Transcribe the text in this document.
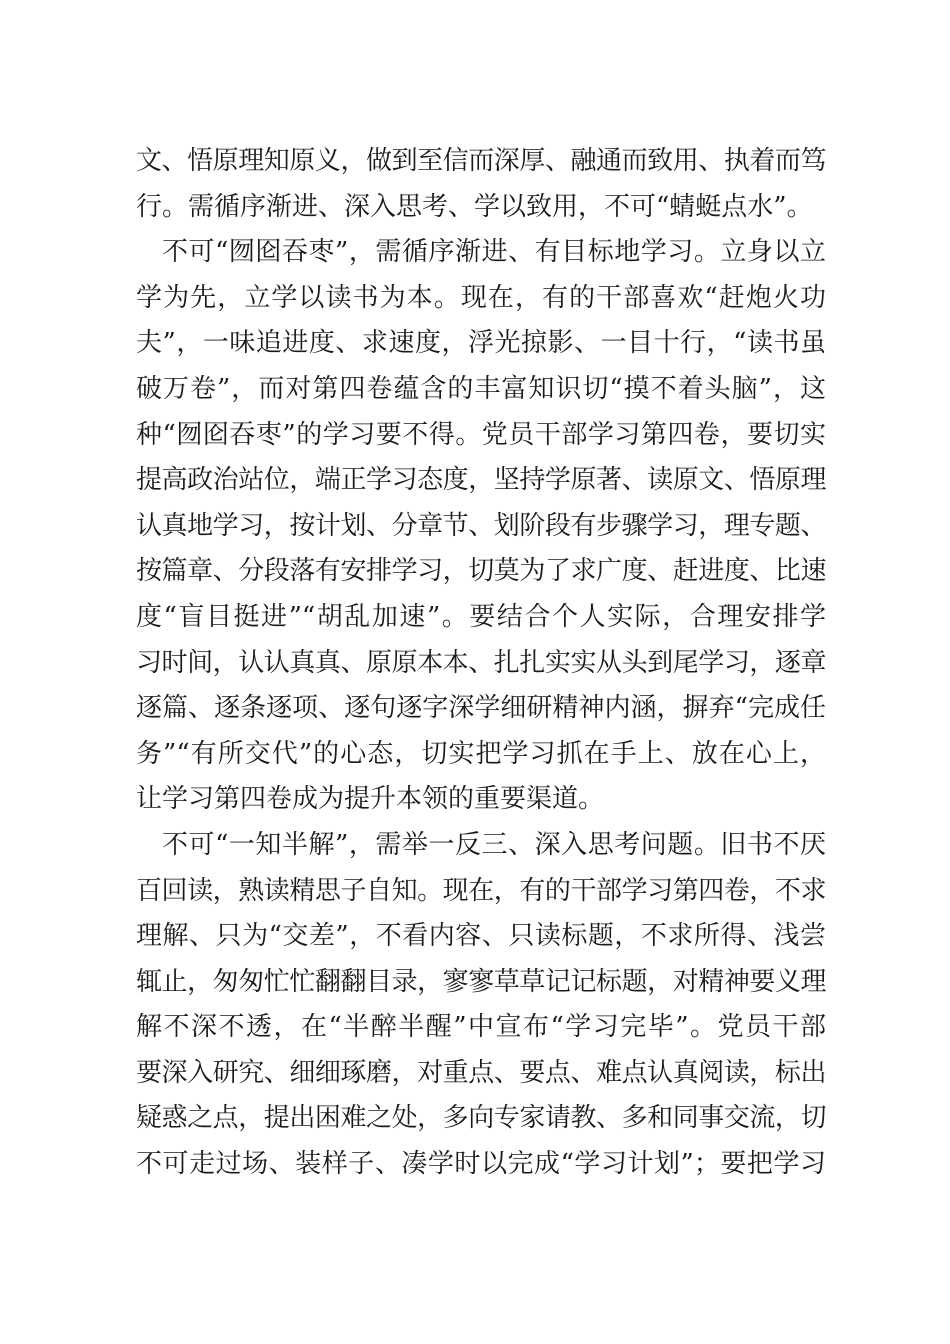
文、悟原理知原义，做到至信而深厚、融通而致用、执着而笃
行。需循序渐进、深入思考、学以致用，不可“蜻蜓点水”。
不可“囫囵吞枣”，需循序渐进、有目标地学习。立身以立
学为先，立学以读书为本。现在，有的干部喜欢“赶炮火功
夫”，一味追进度、求速度，浮光掠影、一目十行，“读书虽
破万卷”，而对第四卷蕴含的丰富知识切“摸不着头脑”，这
种“囫囵吞枣”的学习要不得。党员干部学习第四卷，要切实
提高政治站位，端正学习态度，坚持学原著、读原文、悟原理
认真地学习，按计划、分章节、划阶段有步骤学习，理专题、
按篇章、分段落有安排学习，切莫为了求广度、赶进度、比速
度“盲目挺进”“胡乱加速”。要结合个人实际，合理安排学
习时间，认认真真、原原本本、扎扎实实从头到尾学习，逐章
逐篇、逐条逐项、逐句逐字深学细研精神内涵，摒弃“完成任
务”“有所交代”的心态，切实把学习抓在手上、放在心上，
让学习第四卷成为提升本领的重要渠道。
不可“一知半解”，需举一反三、深入思考问题。旧书不厌
百回读，熟读精思子自知。现在，有的干部学习第四卷，不求
理解、只为“交差”，不看内容、只读标题，不求所得、浅尝
辄止，匆匆忙忙翻翻目录，寥寥草草记记标题，对精神要义理
解不深不透，在“半醉半醒”中宣布“学习完毕”。党员干部
要深入研究、细细琢磨，对重点、要点、难点认真阅读，标出
疑惑之点，提出困难之处，多向专家请教、多和同事交流，切
不可走过场、装样子、凑学时以完成“学习计划”；要把学习
